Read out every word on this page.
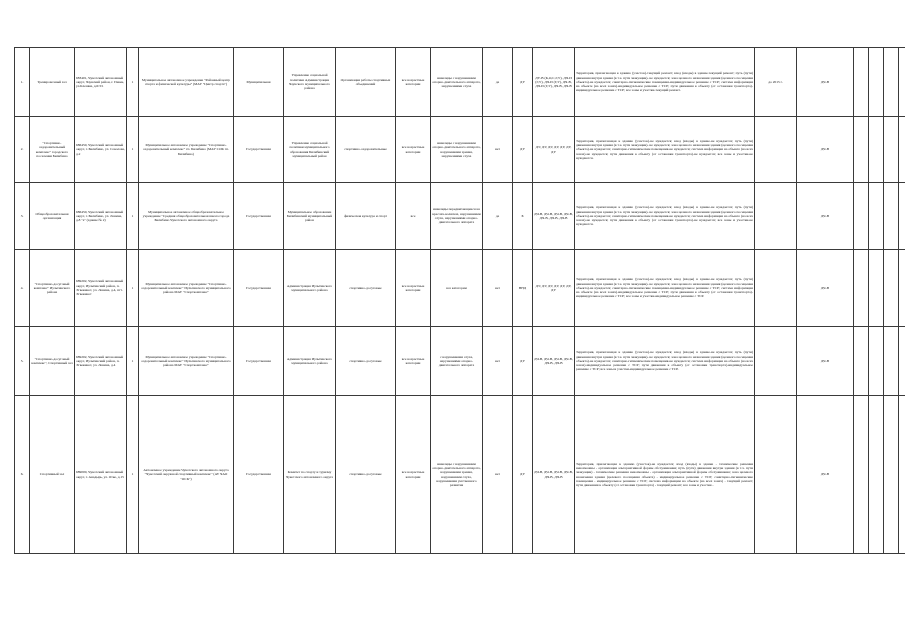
1.	Тренировочный зал	683401, Чукотский автономный округ, Чаунский район, г. Певек, ул.Клешня, д.6/3/1	1	Муниципальное автономное учреждение "Районный центр спорта и физической культуры" (МАУ "Центр спорта")	Муниципальная	Управление социальной политики Администрации Чаунского муниципального района	Организация работы спортивных объединений	все возрастные категории	инвалиды с нарушениями опорно-двигательного аппарата, нарушениями слуха	да	ДУ	ДУ-В (К,О,С,Г,У), ДЧ-И (Г,У), ДЧ-И (Г,У), ДЧ-В, ДЧ-И (Г,У), ДЧ-В, ДЧ-В	Территория, прилегающая к зданию (участок)-текущий ремонт; вход (входы) в здание-текущий ремонт; путь (пути) движения внутри здания (в т.ч. пути эвакуации)- не нуждается; зона целевого назначения здания (целевого посещения объекта)-не нуждается; санитарно-гигиенические помещения-индивидуальное решение с ТСР; система информации на объекте (на всех зонах)-индивидуальное решение с ТСР; пути движения к объекту (от остановки транспорта)-индивидуальное решение с ТСР; все зоны и участки-текущий ремонт.	до 2015 г.	ДЧ-В				
2.	"Спортивно-оздоровительный комплекс" городского поселения Билибино	686450, Чукотский автономный округ, г. Билибино, ул. Соколова, д.2	1	Муниципальное автономное учреждение "Спортивно-оздоровительный комплекс" гп. Билибино (МАУ СОК гп. Билибино)	Государственная	Управление социальной политики муниципального образования Билибинский муниципальный район	спортивно-оздоровительные	все возрастные категории	инвалиды с нарушениями опорно-двигательного аппарата, нарушениями зрения, нарушениями слуха	нет	ДУ	ДУ, ДУ, ДУ, ДУ, ДУ, ДУ, ДУ	Территория, прилегающая к зданию (участок)-не нуждается; вход (входы) в здание-не нуждается; путь (пути) движения внутри здания (в т.ч. пути эвакуации)- не нуждается; зона целевого назначения здания (целевого посещения объекта)-не нуждается; санитарно-гигиенические помещения-не нуждается; система информации на объекте (на всех зонах)-не нуждается; пути движения к объекту (от остановки транспорта)-не нуждается; все зоны и участки-не нуждаются.		ДЧ-В				
3.	Общеобразовательная организация	686450, Чукотский автономный округ, г. Билибино, ул. Ленина, д.8 "а" (здание № 2)	1	Муниципальное автономное общеобразовательное учреждение "Средняя общеобразовательная школа города Билибино Чукотского автономного округа	Государственная	Муниципальное образование Билибинский муниципальный район	физическая культура и спорт	все	инвалиды передвигающиеся на креслах-колясках, нарушениями слуха, нарушениями опорно-двигательного аппарата	да	Б	ДЧ-В, ДЧ-В, ДЧ-В, ДЧ-В, ДЧ-В, ДЧ-В, ДЧ-В	Территория, прилегающая к зданию (участок)-не нуждается; вход (входы) в здание-не нуждается; путь (пути) движения внутри здания (в т.ч. пути эвакуации)- не нуждается; зона целевого назначения здания (целевого посещения объекта)-не нуждается; санитарно-гигиенические помещения-не нуждается; система информации на объекте (на всех зонах)-не нуждается; пути движения к объекту (от остановки транспорта)-не нуждается; все зоны и участки-не нуждаются.		ДЧ-В				
4.	"Спортивно-досуговый комплекс" Иультинского района	689202, Чукотский автономный округ, Иультинский район, п. Эгвекинот, ул. Ленина, д.4, пгт. Эгвекинот	1	Муниципальное автономное учреждение "Спортивно-оздоровительный комплекс" Иультинского муниципального района МАУ "Спорткомплекс"	Государственная	Администрация Иультинского муниципального района	спортивно-досуговые	все возрастные категории	все категории	нет	ВНД	ДУ, ДУ, ДУ, ДУ, ДУ, ДУ, ДУ	Территория, прилегающая к зданию (участок)-не нуждается; вход (входы) в здание-не нуждается; путь (пути) движения внутри здания (в т.ч. пути эвакуации)- не нуждается; зона целевого назначения здания (целевого посещения объекта)-не нуждается; санитарно-гигиенические помещения-индивидуальное решение с ТСР; система информации на объекте (на всех зонах)-индивидуальное решение с ТСР; пути движения к объекту (от остановки транспорта)-индивидуальное решение с ТСР; все зоны и участки-индивидуальное решение с ТСР.		ДЧ-В				
5.	"Спортивно-досуговый комплекс", Спортивный зал	689202, Чукотский автономный округ, Иультинский район, п. Эгвекинот, ул. Ленина, д.4	1	Муниципальное автономное учреждение "Спортивно-оздоровительный комплекс" Иультинского муниципального района МАУ "Спорткомплекс"	Государственная	Администрация Иультинского муниципального района	спортивно-досуговые	все возрастные категории	с нарушениями слуха, нарушениями опорно-двигательного аппарата	нет	ДУ	ДЧ-В, ДЧ-В, ДЧ-В, ДЧ-В, ДЧ-В, ДЧ-В	Территория, прилегающая к зданию (участок)-не нуждается; вход (входы) в здание-не нуждается; путь (пути) движения внутри здания (в т.ч. пути эвакуации)- не нуждается; зона целевого назначения здания (целевого посещения объекта)-не нуждается; санитарно-гигиенические помещения-не нуждается; система информации на объекте (на всех зонах)-индивидуальное решение с ТСР; пути движения к объекту (от остановки транспорта)-индивидуальное решение с ТСР; все зоны и участки-индивидуальное решение с ТСР.		ДЧ-В				
6.	Спортивный зал	689000, Чукотский автономный округ, г. Анадырь, ул. Отке, д.15	1	Автономное учреждение Чукотского автономного округа "Чукотский окружной спортивный комплекс" (АУ ЧАО "ОСК")	Государственная	Комитет по спорту и туризму Чукотского автономного округа	спортивно-досуговые	все возрастные категории	инвалиды с нарушениями опорно-двигательного аппарата, нарушениями зрения, нарушениями слуха, нарушениями умственного развития	нет	ДУ	ДЧ-В, ДЧ-В, ДЧ-В, ДЧ-В, ДЧ-В, ДЧ-В	Территория, прилегающая к зданию (участок)-не нуждается; вход (входы) в здание - технические решения невозможны - организация альтернативной формы обслуживания; путь (пути) движения внутри здания (в т.ч. пути эвакуации) - технические решения невозможны - организация альтернативной формы обслуживания; зона целевого назначения здания (целевого посещения объекта) - индивидуальное решение с ТСР; санитарно-гигиенические помещения - индивидуальное решение с ТСР; система информации на объекте (на всех зонах) - текущий ремонт; пути движения к объекту (от остановки транспорта) - текущий ремонт; все зоны и участки -		ДЧ-В				
